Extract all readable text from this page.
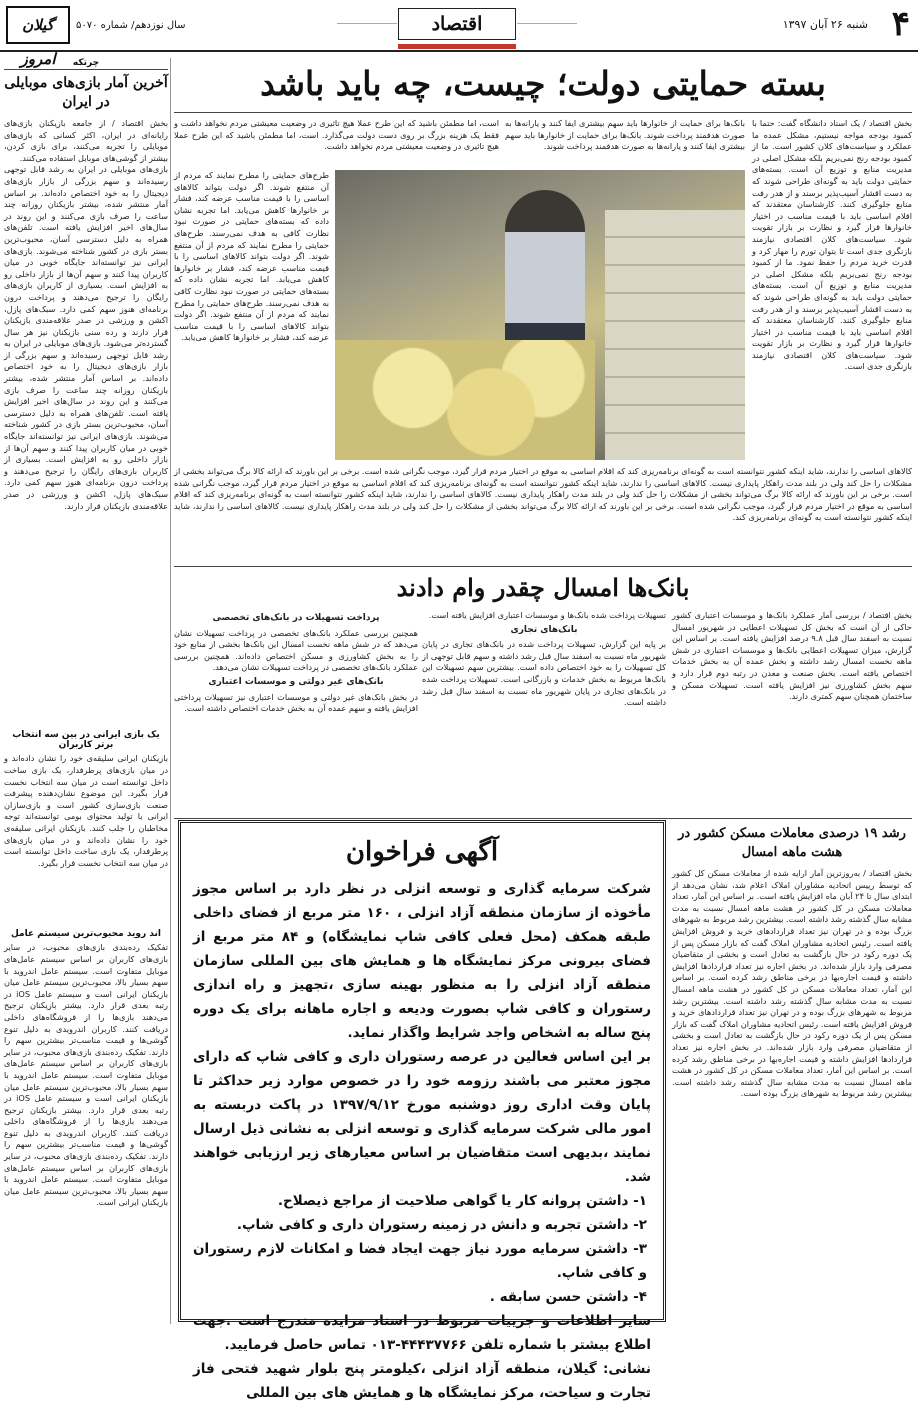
۴
شنبه ۲۶ آبان ۱۳۹۷
اقتصاد
گیلان امروز
سال نوزدهم/ شماره ۵۰۷۰
چرتکه
آخرین آمار بازی‌های موبایلی در ایران
بخش اقتصاد / از جامعه بازیکنان بازی‌های رایانه‌ای در ایران، اکثر کسانی که بازی‌های موبایلی را تجربه می‌کنند، برای بازی کردن، بیشتر از گوشی‌های موبایل استفاده می‌کنند.
بازی‌های موبایلی در ایران به رشد قابل توجهی رسیده‌اند و سهم بزرگی از بازار بازی‌های دیجیتال را به خود اختصاص داده‌اند. بر اساس آمار منتشر شده، بیشتر بازیکنان روزانه چند ساعت را صرف بازی می‌کنند و این روند در سال‌های اخیر افزایش یافته است. تلفن‌های همراه به دلیل دسترسی آسان، محبوب‌ترین بستر بازی در کشور شناخته می‌شوند. بازی‌های ایرانی نیز توانسته‌اند جایگاه خوبی در میان کاربران پیدا کنند و سهم آن‌ها از بازار داخلی رو به افزایش است. بسیاری از کاربران بازی‌های رایگان را ترجیح می‌دهند و پرداخت درون برنامه‌ای هنوز سهم کمی دارد. سبک‌های پازل، اکشن و ورزشی در صدر علاقه‌مندی بازیکنان قرار دارند و رده سنی بازیکنان نیز هر سال گسترده‌تر می‌شود. بازی‌های موبایلی در ایران به رشد قابل توجهی رسیده‌اند و سهم بزرگی از بازار بازی‌های دیجیتال را به خود اختصاص داده‌اند. بر اساس آمار منتشر شده، بیشتر بازیکنان روزانه چند ساعت را صرف بازی می‌کنند و این روند در سال‌های اخیر افزایش یافته است. تلفن‌های همراه به دلیل دسترسی آسان، محبوب‌ترین بستر بازی در کشور شناخته می‌شوند. بازی‌های ایرانی نیز توانسته‌اند جایگاه خوبی در میان کاربران پیدا کنند و سهم آن‌ها از بازار داخلی رو به افزایش است. بسیاری از کاربران بازی‌های رایگان را ترجیح می‌دهند و پرداخت درون برنامه‌ای هنوز سهم کمی دارد. سبک‌های پازل، اکشن و ورزشی در صدر علاقه‌مندی بازیکنان قرار دارند.
یک بازی ایرانی در بین سه انتخاب برتر کاربران
بازیکنان ایرانی سلیقه‌ی خود را نشان داده‌اند و در میان بازی‌های پرطرفدار، یک بازی ساخت داخل توانسته است در میان سه انتخاب نخست قرار بگیرد. این موضوع نشان‌دهنده پیشرفت صنعت بازی‌سازی کشور است و بازی‌سازان ایرانی با تولید محتوای بومی توانسته‌اند توجه مخاطبان را جلب کنند. بازیکنان ایرانی سلیقه‌ی خود را نشان داده‌اند و در میان بازی‌های پرطرفدار، یک بازی ساخت داخل توانسته است در میان سه انتخاب نخست قرار بگیرد.
اند روید محبوب‌ترین سیستم عامل
تفکیک رده‌بندی بازی‌های محبوب، در سایر بازی‌های کاربران بر اساس سیستم عامل‌های موبایل متفاوت است. سیستم عامل اندروید با سهم بسیار بالا، محبوب‌ترین سیستم عامل میان بازیکنان ایرانی است و سیستم عامل iOS در رتبه بعدی قرار دارد. بیشتر بازیکنان ترجیح می‌دهند بازی‌ها را از فروشگاه‌های داخلی دریافت کنند. کاربران اندرویدی به دلیل تنوع گوشی‌ها و قیمت مناسب‌تر بیشترین سهم را دارند. تفکیک رده‌بندی بازی‌های محبوب، در سایر بازی‌های کاربران بر اساس سیستم عامل‌های موبایل متفاوت است. سیستم عامل اندروید با سهم بسیار بالا، محبوب‌ترین سیستم عامل میان بازیکنان ایرانی است و سیستم عامل iOS در رتبه بعدی قرار دارد. بیشتر بازیکنان ترجیح می‌دهند بازی‌ها را از فروشگاه‌های داخلی دریافت کنند. کاربران اندرویدی به دلیل تنوع گوشی‌ها و قیمت مناسب‌تر بیشترین سهم را دارند. تفکیک رده‌بندی بازی‌های محبوب، در سایر بازی‌های کاربران بر اساس سیستم عامل‌های موبایل متفاوت است. سیستم عامل اندروید با سهم بسیار بالا، محبوب‌ترین سیستم عامل میان بازیکنان ایرانی است.
بسته حمایتی دولت؛ چیست، چه باید باشد
بخش اقتصاد / یک استاد دانشگاه گفت: حتما با کمبود بودجه مواجه نیستیم، مشکل عمده ما عملکرد و سیاست‌های کلان کشور است. ما از کمبود بودجه رنج نمی‌بریم بلکه مشکل اصلی در مدیریت منابع و توزیع آن است. بسته‌های حمایتی دولت باید به گونه‌ای طراحی شوند که به دست اقشار آسیب‌پذیر برسند و از هدر رفت منابع جلوگیری کنند. کارشناسان معتقدند که اقلام اساسی باید با قیمت مناسب در اختیار خانوارها قرار گیرد و نظارت بر بازار تقویت شود. سیاست‌های کلان اقتصادی نیازمند بازنگری جدی است تا بتوان تورم را مهار کرد و قدرت خرید مردم را حفظ نمود. ما از کمبود بودجه رنج نمی‌بریم بلکه مشکل اصلی در مدیریت منابع و توزیع آن است. بسته‌های حمایتی دولت باید به گونه‌ای طراحی شوند که به دست اقشار آسیب‌پذیر برسند و از هدر رفت منابع جلوگیری کنند. کارشناسان معتقدند که اقلام اساسی باید با قیمت مناسب در اختیار خانوارها قرار گیرد و نظارت بر بازار تقویت شود. سیاست‌های کلان اقتصادی نیازمند بازنگری جدی است.
بانک‌ها برای حمایت از خانوارها باید سهم بیشتری ایفا کنند و یارانه‌ها به صورت هدفمند پرداخت شوند. بانک‌ها برای حمایت از خانوارها باید سهم بیشتری ایفا کنند و یارانه‌ها به صورت هدفمند پرداخت شوند.
است، اما مطمئن باشید که این طرح عملا هیچ تاثیری در وضعیت معیشتی مردم نخواهد داشت و فقط یک هزینه بزرگ بر روی دست دولت می‌گذارد. است، اما مطمئن باشید که این طرح عملا هیچ تاثیری در وضعیت معیشتی مردم نخواهد داشت.
طرح‌های حمایتی را مطرح نمایند که مردم از آن منتفع شوند. اگر دولت بتواند کالاهای اساسی را با قیمت مناسب عرضه کند، فشار بر خانوارها کاهش می‌یابد. اما تجربه نشان داده که بسته‌های حمایتی در صورت نبود نظارت کافی به هدف نمی‌رسند. طرح‌های حمایتی را مطرح نمایند که مردم از آن منتفع شوند. اگر دولت بتواند کالاهای اساسی را با قیمت مناسب عرضه کند، فشار بر خانوارها کاهش می‌یابد. اما تجربه نشان داده که بسته‌های حمایتی در صورت نبود نظارت کافی به هدف نمی‌رسند. طرح‌های حمایتی را مطرح نمایند که مردم از آن منتفع شوند. اگر دولت بتواند کالاهای اساسی را با قیمت مناسب عرضه کند، فشار بر خانوارها کاهش می‌یابد.
کالاهای اساسی را ندارند، شاید اینکه کشور نتوانسته است به گونه‌ای برنامه‌ریزی کند که اقلام اساسی به موقع در اختیار مردم قرار گیرد، موجب نگرانی شده است. برخی بر این باورند که ارائه کالا برگ می‌تواند بخشی از مشکلات را حل کند ولی در بلند مدت راهکار پایداری نیست. کالاهای اساسی را ندارند، شاید اینکه کشور نتوانسته است به گونه‌ای برنامه‌ریزی کند که اقلام اساسی به موقع در اختیار مردم قرار گیرد، موجب نگرانی شده است. برخی بر این باورند که ارائه کالا برگ می‌تواند بخشی از مشکلات را حل کند ولی در بلند مدت راهکار پایداری نیست. کالاهای اساسی را ندارند، شاید اینکه کشور نتوانسته است به گونه‌ای برنامه‌ریزی کند که اقلام اساسی به موقع در اختیار مردم قرار گیرد، موجب نگرانی شده است. برخی بر این باورند که ارائه کالا برگ می‌تواند بخشی از مشکلات را حل کند ولی در بلند مدت راهکار پایداری نیست. کالاهای اساسی را ندارند، شاید اینکه کشور نتوانسته است به گونه‌ای برنامه‌ریزی کند.
بانک‌ها امسال چقدر وام دادند
بخش اقتصاد / بررسی آمار عملکرد بانک‌ها و موسسات اعتباری کشور حاکی از آن است که بخش کل تسهیلات اعطایی در شهریور امسال نسبت به اسفند سال قبل ۹.۸ درصد افزایش یافته است. بر اساس این گزارش، میزان تسهیلات اعطایی بانک‌ها و موسسات اعتباری در شش ماهه نخست امسال رشد داشته و بخش عمده آن به بخش خدمات اختصاص یافته است. بخش صنعت و معدن در رتبه دوم قرار دارد و سهم بخش کشاورزی نیز افزایش یافته است. تسهیلات مسکن و ساختمان همچنان سهم کمتری دارند.
تسهیلات پرداخت شده بانک‌ها و موسسات اعتباری افزایش یافته است.
بانک‌های تجاری
بر پایه این گزارش، تسهیلات پرداخت شده در بانک‌های تجاری در پایان شهریور ماه نسبت به اسفند سال قبل رشد داشته و سهم قابل توجهی از کل تسهیلات را به خود اختصاص داده است. بیشترین سهم تسهیلات این بانک‌ها مربوط به بخش خدمات و بازرگانی است. تسهیلات پرداخت شده در بانک‌های تجاری در پایان شهریور ماه نسبت به اسفند سال قبل رشد داشته است.
پرداخت تسهیلات در بانک‌های تخصصی
همچنین بررسی عملکرد بانک‌های تخصصی در پرداخت تسهیلات نشان می‌دهد که در شش ماهه نخست امسال این بانک‌ها بخشی از منابع خود را به بخش کشاورزی و مسکن اختصاص داده‌اند. همچنین بررسی عملکرد بانک‌های تخصصی در پرداخت تسهیلات نشان می‌دهد.
بانک‌های غیر دولتی و موسسات اعتباری
در بخش بانک‌های غیر دولتی و موسسات اعتباری نیز تسهیلات پرداختی افزایش یافته و سهم عمده آن به بخش خدمات اختصاص داشته است.
رشد ۱۹ درصدی معاملات مسکن کشور در هشت ماهه امسال
بخش اقتصاد / به‌روزترین آمار ارایه شده از معاملات مسکن کل کشور که توسط رییس اتحادیه مشاوران املاک اعلام شد، نشان می‌دهد از ابتدای سال تا ۲۴ آبان ماه افزایش یافته است. بر اساس این آمار، تعداد معاملات مسکن در کل کشور در هشت ماهه امسال نسبت به مدت مشابه سال گذشته رشد داشته است. بیشترین رشد مربوط به شهرهای بزرگ بوده و در تهران نیز تعداد قراردادهای خرید و فروش افزایش یافته است. رئیس اتحادیه مشاوران املاک گفت که بازار مسکن پس از یک دوره رکود در حال بازگشت به تعادل است و بخشی از متقاضیان مصرفی وارد بازار شده‌اند. در بخش اجاره نیز تعداد قراردادها افزایش داشته و قیمت اجاره‌بها در برخی مناطق رشد کرده است. بر اساس این آمار، تعداد معاملات مسکن در کل کشور در هشت ماهه امسال نسبت به مدت مشابه سال گذشته رشد داشته است. بیشترین رشد مربوط به شهرهای بزرگ بوده و در تهران نیز تعداد قراردادهای خرید و فروش افزایش یافته است. رئیس اتحادیه مشاوران املاک گفت که بازار مسکن پس از یک دوره رکود در حال بازگشت به تعادل است و بخشی از متقاضیان مصرفی وارد بازار شده‌اند. در بخش اجاره نیز تعداد قراردادها افزایش داشته و قیمت اجاره‌بها در برخی مناطق رشد کرده است. بر اساس این آمار، تعداد معاملات مسکن در کل کشور در هشت ماهه امسال نسبت به مدت مشابه سال گذشته رشد داشته است. بیشترین رشد مربوط به شهرهای بزرگ بوده است.
آگهی فراخوان

شرکت سرمایه گذاری و توسعه انزلی در نظر دارد بر اساس مجوز مأخوذه از سازمان منطقه آزاد انزلی ، ۱۶۰ متر مربع از فضای داخلی طبقه همکف (محل فعلی کافی شاپ نمایشگاه) و ۸۴ متر مربع از فضای بیرونی مرکز نمایشگاه ها و همایش های بین المللی سازمان منطقه آزاد انزلی را به منظور بهینه سازی ،تجهیز و راه اندازی رستوران و کافی شاپ بصورت ودیعه و اجاره ماهانه برای یک دوره پنج ساله به اشخاص واجد شرایط واگذار نماید.

بر این اساس فعالین در عرصه رستوران داری و کافی شاپ که دارای مجوز معتبر می باشند رزومه خود را در خصوص موارد زیر حداکثر تا پایان وقت اداری روز دوشنبه مورخ ۱۳۹۷/۹/۱۲ در پاکت دربسته به امور مالی شرکت سرمایه گذاری و توسعه انزلی به نشانی ذیل ارسال نمایند ،بدیهی است متقاضیان بر اساس معیارهای زیر ارزیابی خواهند شد.

۱- داشتن پروانه کار یا گواهی صلاحیت از مراجع ذیصلاح.

۲- داشتن تجربه و دانش در زمینه رستوران داری و کافی شاپ.

۳- داشتن سرمایه مورد نیاز جهت ایجاد فضا و امکانات لازم رستوران و کافی شاپ.

۴- داشتن حسن سابقه .

سایر اطلاعات و جزییات مربوط در اسناد مزایده مندرج است .جهت اطلاع بیشتر با شماره تلفن ۴۴۴۳۷۷۶۶-۰۱۳ تماس حاصل فرمایید.

نشانی: گیلان، منطقه آزاد انزلی ،کیلومتر پنج بلوار شهید فتحی فاز تجارت و سیاحت، مرکز نمایشگاه ها و همایش های بین المللی
